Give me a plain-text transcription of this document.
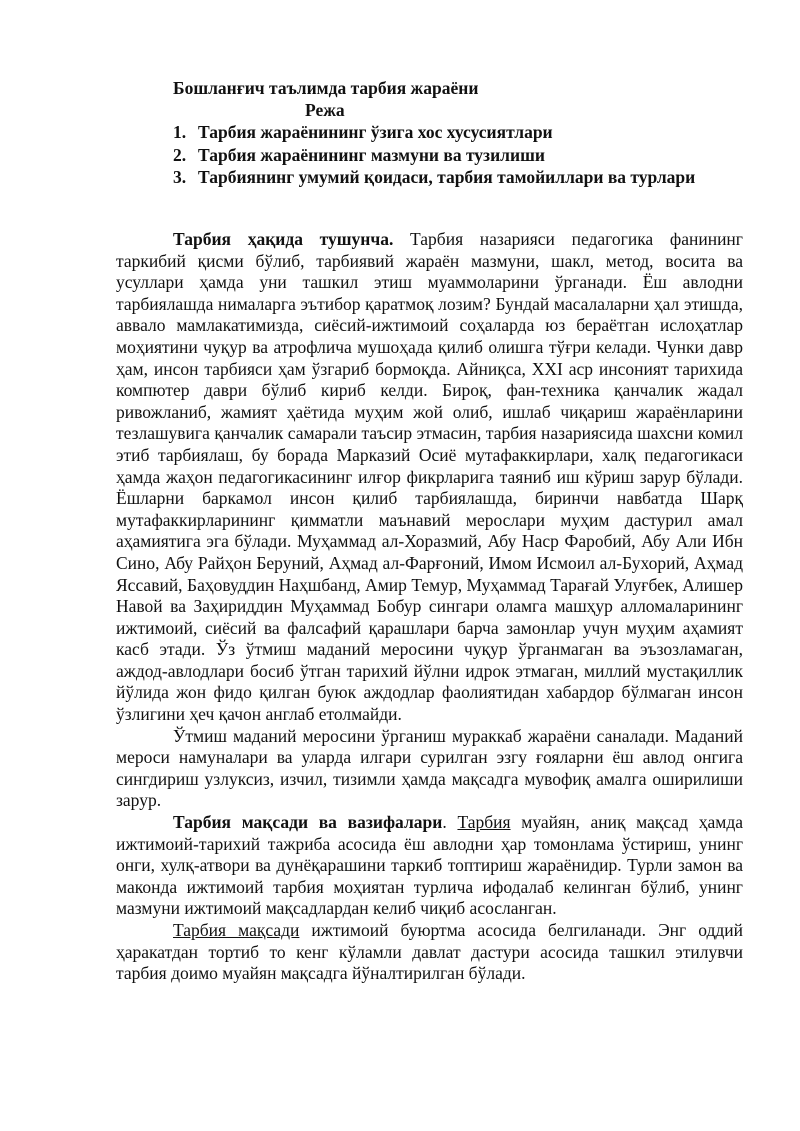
Бошланғич таълимда тарбия жараёни
Режа
1. Тарбия жараёнининг ўзига хос хусусиятлари
2. Тарбия жараёнининг мазмуни ва тузилиши
3. Тарбиянинг умумий қоидаси, тарбия тамойиллари ва турлари

Тарбия ҳақида тушунча. Тарбия назарияси педагогика фанининг таркибий қисми бўлиб, тарбиявий жараён мазмуни, шакл, метод, восита ва усуллари ҳамда уни ташкил этиш муаммоларини ўрганади. Ёш авлодни тарбиялашда нималарга эътибор қаратмоқ лозим? Бундай масалаларни ҳал этишда, аввало мамлакатимизда, сиёсий-ижтимоий соҳаларда юз бераётган ислоҳатлар моҳиятини чуқур ва атрофлича мушоҳада қилиб олишга тўғри келади. Чунки давр ҳам, инсон тарбияси ҳам ўзгариб бормоқда. Айниқса, XXI аср инсоният тарихида компютер даври бўлиб кириб келди. Бироқ, фан-техника қанчалик жадал ривожланиб, жамият ҳаётида муҳим жой олиб, ишлаб чиқариш жараёнларини тезлашувига қанчалик самарали таъсир этмасин, тарбия назариясида шахсни комил этиб тарбиялаш, бу борада Марказий Осиё мутафаккирлари, халқ педагогикаси ҳамда жаҳон педагогикасининг илғор фикрларига таяниб иш кўриш зарур бўлади. Ёшларни баркамол инсон қилиб тарбиялашда, биринчи навбатда Шарқ мутафаккирларининг қимматли маънавий мерослари муҳим дастурил амал аҳамиятига эга бўлади. Муҳаммад ал-Хоразмий, Абу Наср Фаробий, Абу Али Ибн Сино, Абу Райҳон Беруний, Аҳмад ал-Фарғоний, Имом Исмоил ал-Бухорий, Аҳмад Яссавий, Баҳовуддин Наҳшбанд, Амир Темур, Муҳаммад Тарағай Улуғбек, Алишер Навой ва Заҳириддин Муҳаммад Бобур сингари оламга машҳур алломаларининг ижтимоий, сиёсий ва фалсафий қарашлари барча замонлар учун муҳим аҳамият касб этади. Ўз ўтмиш маданий меросини чуқур ўрганмаган ва эъзозламаган, аждод-авлодлари босиб ўтган тарихий йўлни идрок этмаган, миллий мустақиллик йўлида жон фидо қилган буюк аждодлар фаолиятидан хабардор бўлмаган инсон ўзлигини ҳеч қачон англаб етолмайди.

Ўтмиш маданий меросини ўрганиш мураккаб жараёни саналади. Маданий мероси намуналари ва уларда илгари сурилган эзгу ғояларни ёш авлод онгига сингдириш узлуксиз, изчил, тизимли ҳамда мақсадга мувофиқ амалга оширилиши зарур.

Тарбия мақсади ва вазифалари. Тарбия муайян, аниқ мақсад ҳамда ижтимоий-тарихий тажриба асосида ёш авлодни ҳар томонлама ўстириш, унинг онги, хулқ-атвори ва дунёқарашини таркиб топтириш жараёнидир. Турли замон ва маконда ижтимоий тарбия моҳиятан турлича ифодалаб келинган бўлиб, унинг мазмуни ижтимоий мақсадлардан келиб чиқиб асосланган.

Тарбия мақсади ижтимоий буюртма асосида белгиланади. Энг оддий ҳаракатдан тортиб то кенг кўламли давлат дастури асосида ташкил этилувчи тарбия доимо муайян мақсадга йўналтирилган бўлади.
